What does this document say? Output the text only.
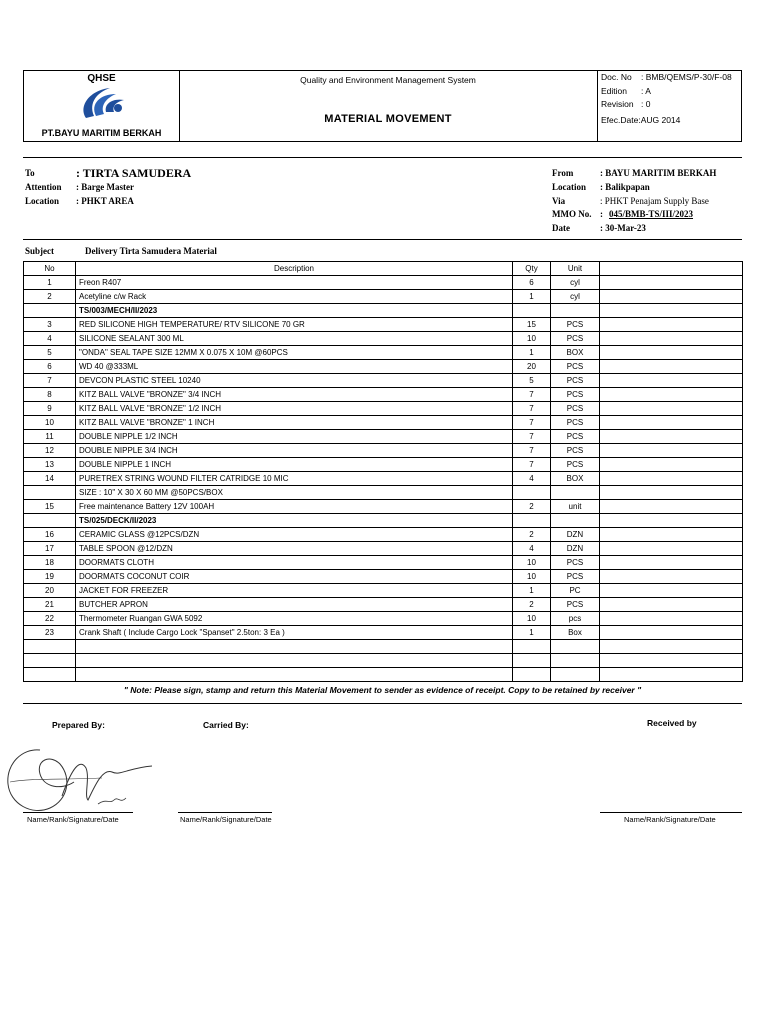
QHSE
PT.BAYU MARITIM BERKAH
Quality and Environment Management System
MATERIAL MOVEMENT
Doc. No : BMB/QEMS/P-30/F-08
Edition : A
Revision : 0
Efec.Date:AUG 2014
To	: TIRTA SAMUDERA
Attention : Barge Master
Location : PHKT AREA
From	: BAYU MARITIM BERKAH
Location : Balikpapan
Via	: PHKT Penajam Supply Base
MMO No. : 045/BMB-TS/III/2023
Date	: 30-Mar-23
Subject	Delivery Tirta Samudera Material
No	Description	Qty	Unit	
1	Freon R407	6	cyl	
2	Acetyline c/w Rack	1	cyl	
	TS/003/MECH/II/2023			
3	RED SILICONE HIGH TEMPERATURE/ RTV SILICONE 70 GR	15	PCS	
4	SILICONE SEALANT 300 ML	10	PCS	
5	"ONDA" SEAL TAPE SIZE 12MM X 0.075 X 10M @60PCS	1	BOX	
6	WD 40 @333ML	20	PCS	
7	DEVCON PLASTIC STEEL 10240	5	PCS	
8	KITZ BALL VALVE "BRONZE" 3/4 INCH	7	PCS	
9	KITZ BALL VALVE "BRONZE" 1/2 INCH	7	PCS	
10	KITZ BALL VALVE "BRONZE" 1 INCH	7	PCS	
11	DOUBLE NIPPLE 1/2 INCH	7	PCS	
12	DOUBLE NIPPLE 3/4 INCH	7	PCS	
13	DOUBLE NIPPLE 1 INCH	7	PCS	
14	PURETREX STRING WOUND FILTER CATRIDGE 10 MIC	4	BOX	
	SIZE : 10" X 30 X 60 MM @50PCS/BOX			
15	Free maintenance Battery 12V 100AH	2	unit	
	TS/025/DECK/II/2023			
16	CERAMIC GLASS @12PCS/DZN	2	DZN	
17	TABLE SPOON @12/DZN	4	DZN	
18	DOORMATS CLOTH	10	PCS	
19	DOORMATS COCONUT COIR	10	PCS	
20	JACKET FOR FREEZER	1	PC	
21	BUTCHER APRON	2	PCS	
22	Thermometer Ruangan GWA 5092	10	pcs	
23	Crank Shaft ( Include Cargo Lock "Spanset" 2.5ton: 3 Ea )	1	Box	

" Note: Please sign, stamp and return this Material Movement to sender as evidence of receipt. Copy to be retained by receiver "
Prepared By:	Carried By:	Received by
Name/Rank/Signature/Date	Name/Rank/Signature/Date	Name/Rank/Signature/Date
